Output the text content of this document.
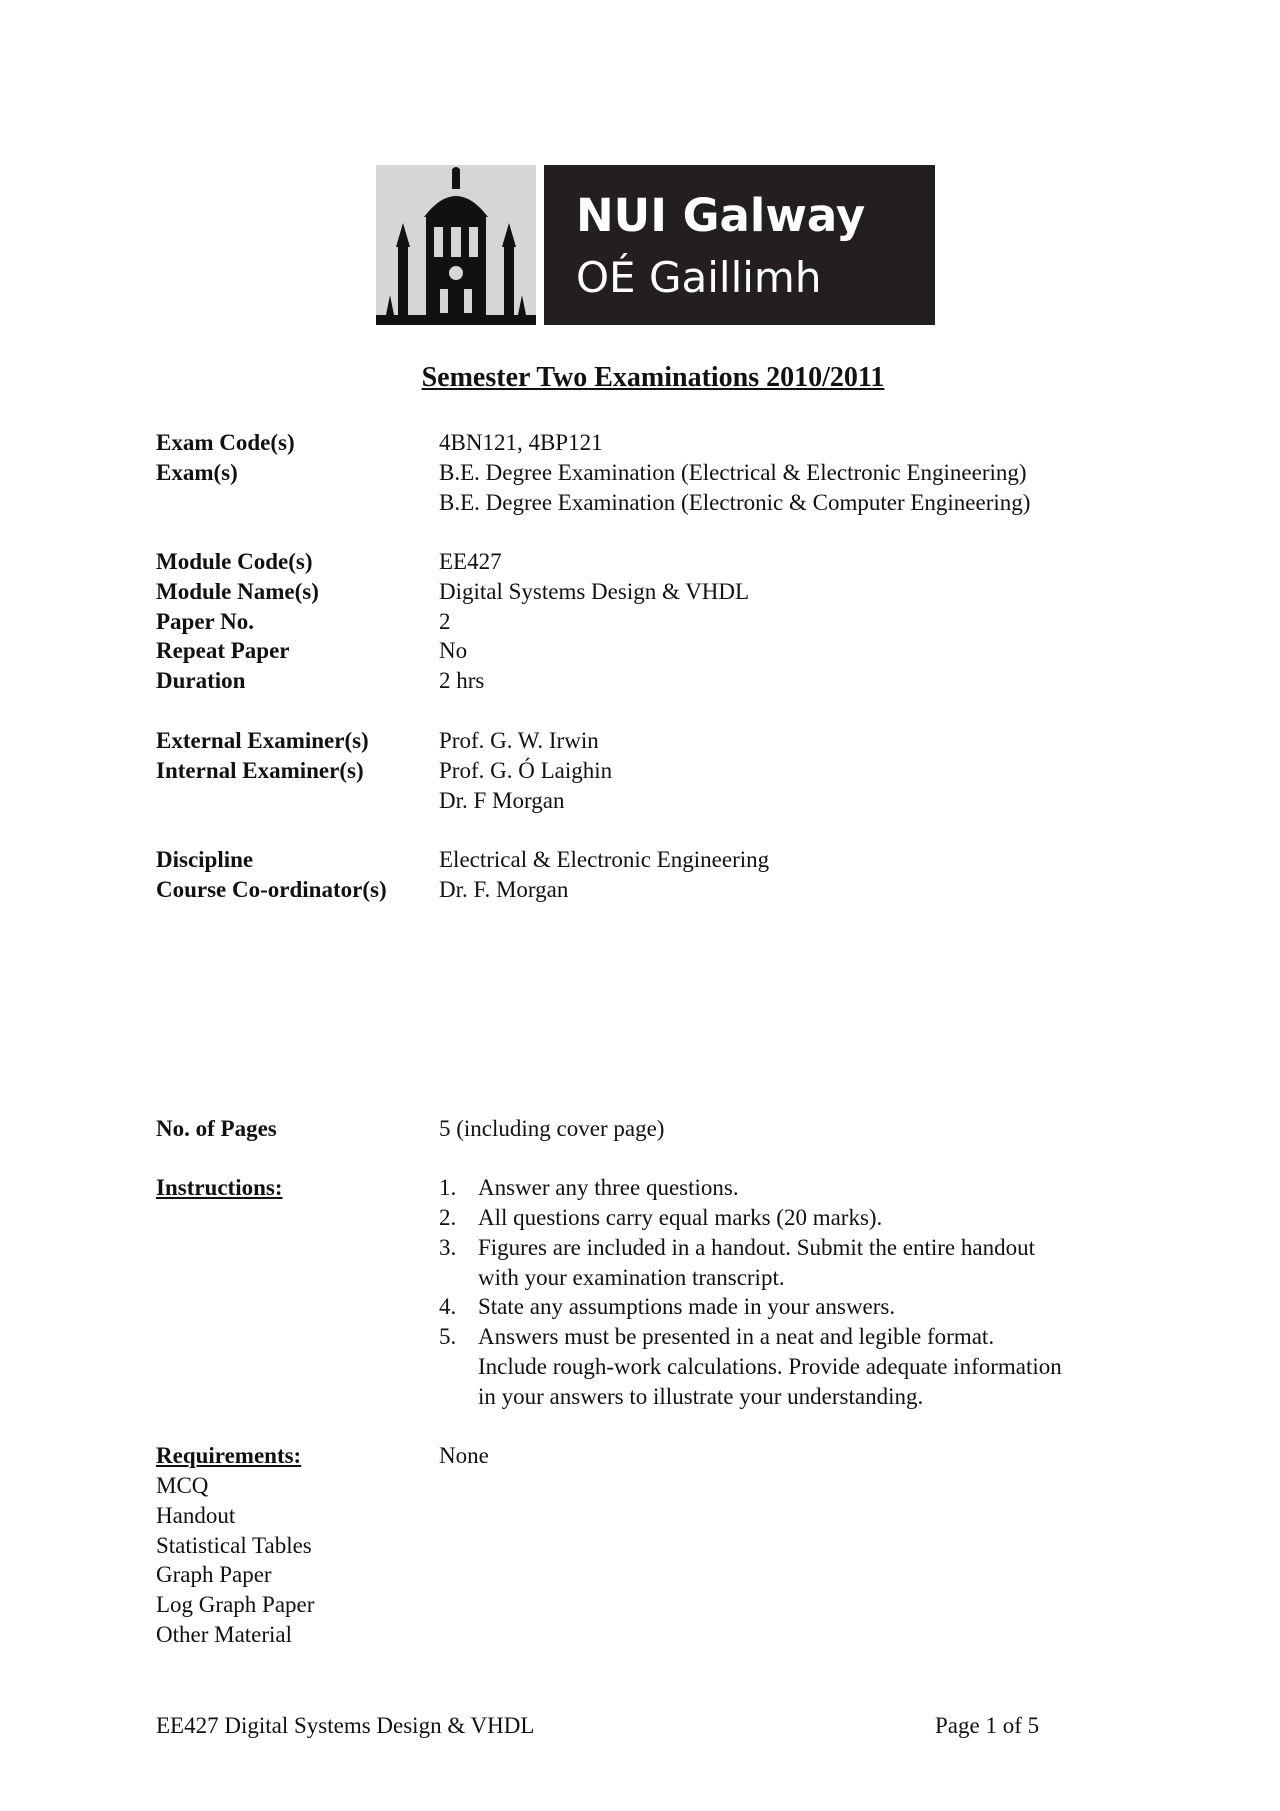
NUI Galway
OÉ Gaillimh
Semester Two Examinations 2010/2011
Exam Code(s)	4BN121, 4BP121
Exam(s)	B.E. Degree Examination (Electrical & Electronic Engineering)
B.E. Degree Examination (Electronic & Computer Engineering)
Module Code(s)	EE427
Module Name(s)	Digital Systems Design & VHDL
Paper No.	2
Repeat Paper	No
Duration	2 hrs
External Examiner(s)	Prof. G. W. Irwin
Internal Examiner(s)	Prof. G. Ó Laighin
Dr. F Morgan
Discipline	Electrical & Electronic Engineering
Course Co-ordinator(s) Dr. F. Morgan
No. of Pages	5 (including cover page)
Instructions:	1. Answer any three questions.
2. All questions carry equal marks (20 marks).
3. Figures are included in a handout. Submit the entire handout
with your examination transcript.
4. State any assumptions made in your answers.
5. Answers must be presented in a neat and legible format.
Include rough-work calculations. Provide adequate information
in your answers to illustrate your understanding.
Requirements:	None
MCQ
Handout
Statistical Tables
Graph Paper
Log Graph Paper
Other Material
EE427 Digital Systems Design & VHDL	Page 1 of 5
